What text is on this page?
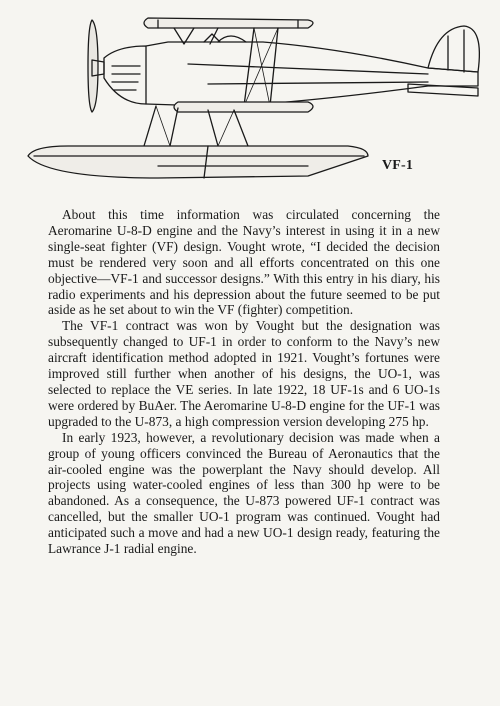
VF-1

About this time information was circulated concerning the Aeromarine U-8-D engine and the Navy’s interest in using it in a new single-seat fighter (VF) design. Vought wrote, “I decided the decision must be rendered very soon and all efforts concentrated on this one objective—VF-1 and successor designs.” With this entry in his diary, his radio experiments and his depression about the future seemed to be put aside as he set about to win the VF (fighter) competition.

The VF-1 contract was won by Vought but the designation was subsequently changed to UF-1 in order to conform to the Navy’s new aircraft identification method adopted in 1921. Vought’s fortunes were improved still further when another of his designs, the UO-1, was selected to replace the VE series. In late 1922, 18 UF-1s and 6 UO-1s were ordered by BuAer. The Aeromarine U-8-D engine for the UF-1 was upgraded to the U-873, a high compression version developing 275 hp.

In early 1923, however, a revolutionary decision was made when a group of young officers convinced the Bureau of Aeronautics that the air-cooled engine was the powerplant the Navy should develop. All projects using water-cooled engines of less than 300 hp were to be abandoned. As a consequence, the U-873 powered UF-1 contract was cancelled, but the smaller UO-1 program was continued. Vought had anticipated such a move and had a new UO-1 design ready, featuring the Lawrance J-1 radial engine.
